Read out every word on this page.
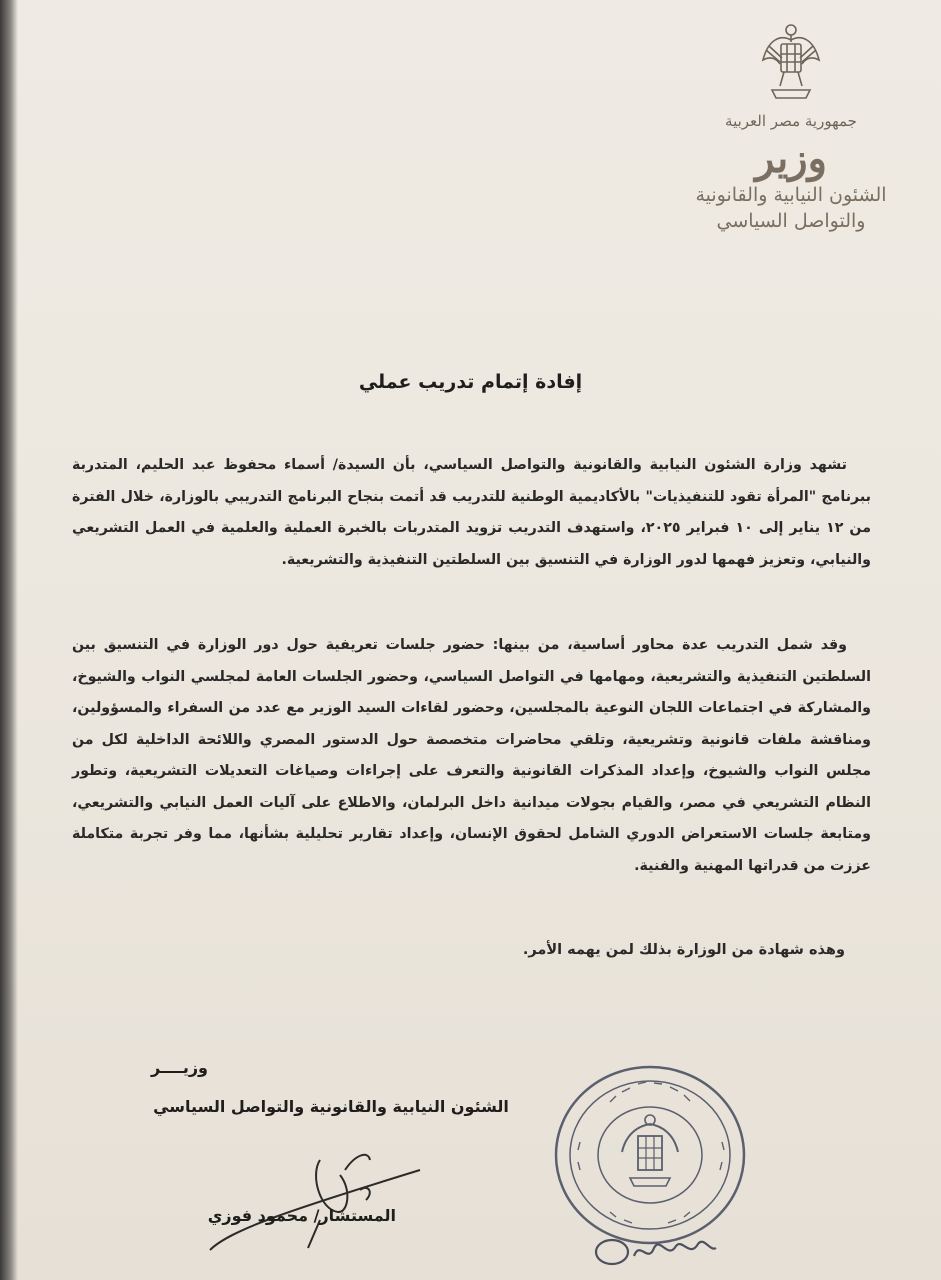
جمهورية مصر العربية
وزير
الشئون النيابية والقانونية
والتواصل السياسي
إفادة إتمام تدريب عملي
تشهد وزارة الشئون النيابية والقانونية والتواصل السياسي، بأن السيدة/ أسماء محفوظ عبد الحليم، المتدربة ببرنامج "المرأة تقود للتنفيذيات" بالأكاديمية الوطنية للتدريب قد أتمت بنجاح البرنامج التدريبي بالوزارة، خلال الفترة من ١٢ يناير إلى ١٠ فبراير ٢٠٢٥، واستهدف التدريب تزويد المتدربات بالخبرة العملية والعلمية في العمل التشريعي والنيابي، وتعزيز فهمها لدور الوزارة في التنسيق بين السلطتين التنفيذية والتشريعية.
وقد شمل التدريب عدة محاور أساسية، من بينها: حضور جلسات تعريفية حول دور الوزارة في التنسيق بين السلطتين التنفيذية والتشريعية، ومهامها في التواصل السياسي، وحضور الجلسات العامة لمجلسي النواب والشيوخ، والمشاركة في اجتماعات اللجان النوعية بالمجلسين، وحضور لقاءات السيد الوزير مع عدد من السفراء والمسؤولين، ومناقشة ملفات قانونية وتشريعية، وتلقي محاضرات متخصصة حول الدستور المصري واللائحة الداخلية لكل من مجلس النواب والشيوخ، وإعداد المذكرات القانونية والتعرف على إجراءات وصياغات التعديلات التشريعية، وتطور النظام التشريعي في مصر، والقيام بجولات ميدانية داخل البرلمان، والاطلاع على آليات العمل النيابي والتشريعي، ومتابعة جلسات الاستعراض الدوري الشامل لحقوق الإنسان، وإعداد تقارير تحليلية بشأنها، مما وفر تجربة متكاملة عززت من قدراتها المهنية والفنية.
وهذه شهادة من الوزارة بذلك لمن يهمه الأمر.
وزيــــر
الشئون النيابية والقانونية والتواصل السياسي
المستشار/ محمود فوزي
